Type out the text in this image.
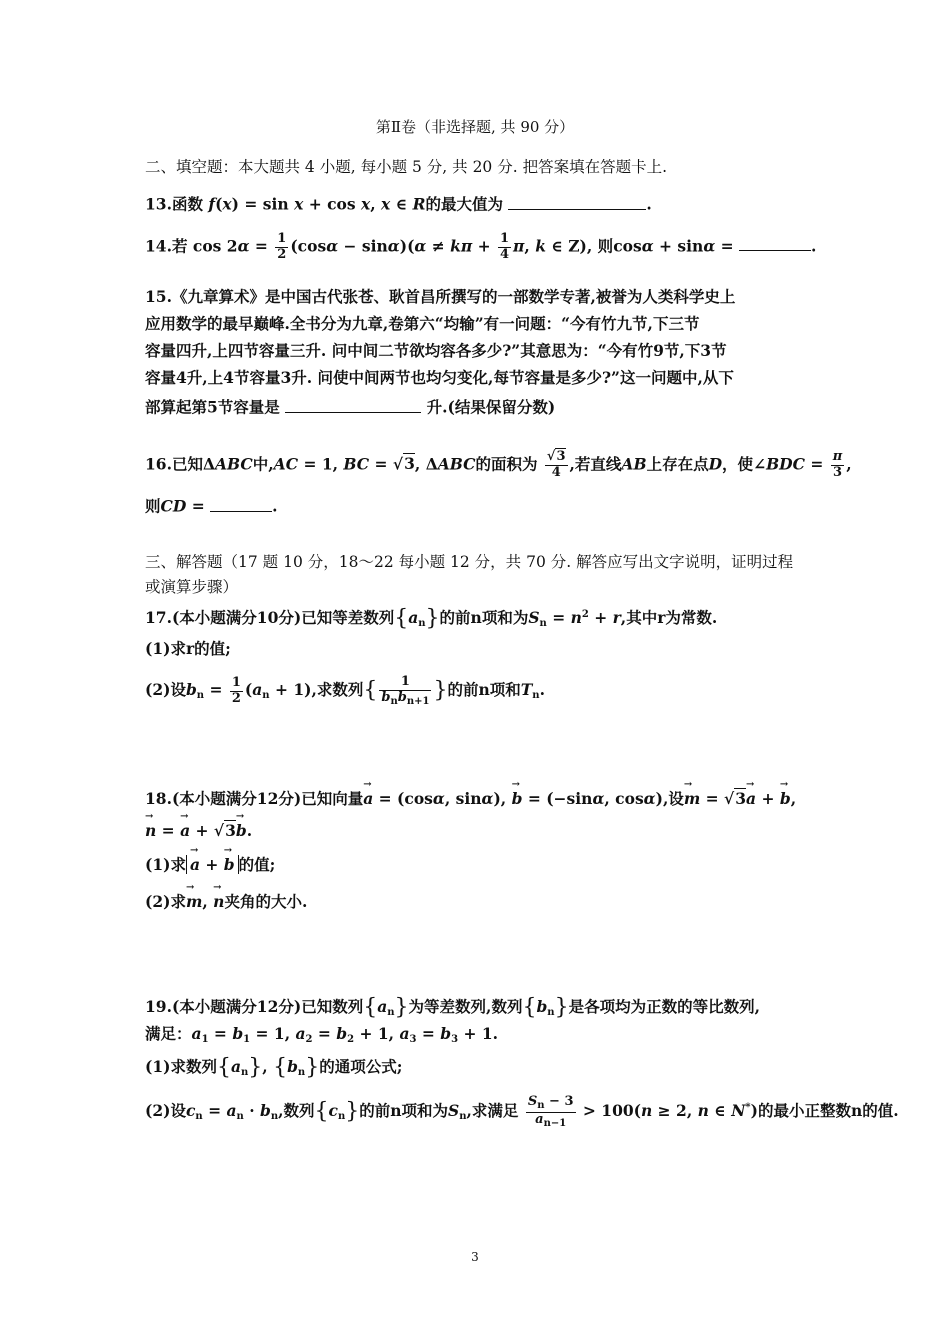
第Ⅱ卷（非选择题, 共 90 分）
二、填空题：本大题共 4 小题, 每小题 5 分, 共 20 分. 把答案填在答题卡上.
13.函数 f(x) = sin x + cos x, x ∈ R的最大值为	.
14.若 $\cos 2\alpha = \frac{1}{2} (\cos\alpha - \sin\alpha)(\alpha \ne k\pi + \frac{1}{4} \pi$, k ∈ Z), 则cosα + sinα =	.
15.《九章算术》是中国古代张苍、耿首昌所撰写的一部数学专著,被誉为人类科学史上
应用数学的最早巅峰.全书分为九章,卷第六“均输”有一问题：“今有竹九节,下三节
容量四升,上四节容量三升. 问中间二节欲均容各多少?”其意思为：“今有竹9节,下3节
容量4升,上4节容量3升. 问使中间两节也均匀变化,每节容量是多少?”这一问题中,从下
部算起第5节容量是	升.(结果保留分数)
16.已知ΔABC中,AC = 1, BC = √3, ΔABC的面积为 $\frac{√3}{4}$ ,若直线AB上存在点D，使∠BDC = $\frac{\pi}{3}$ ,
则CD =	.
三、解答题（17 题 10 分，18～22 每小题 12 分，共 70 分. 解答应写出文字说明，证明过程
或演算步骤）
17.(本小题满分10分)已知等差数列$\{a_n\}$的前n项和为$S_n = n^2 + r$,其中r为常数.
(1)求r的值;
(2)设$b_n = \frac{1}{2} (a_n + 1)$,求数列{ $\frac{1}{b_nb_{n+1}}$ }的前n项和$T_n$.
18.(本小题满分12分)已知向量→ a = (cosα, sinα), → b = (−sinα, cosα),设→ m = √3→ a + → b,
→ n = → a + √3→ b.
(1)求→ a + → b 的值;
(2)求→ m, → n夹角的大小.
19.(本小题满分12分)已知数列$\{a_n\}$为等差数列,数列$\{b_n\}$是各项均为正数的等比数列,
满足：$a_1 = b_1 = 1$, $a_2 = b_2 + 1$, $a_3 = b_3 + 1$.
(1)求数列$\{a_n\}$, $\{b_n\}$的通项公式;
(2)设$c_n = a_n \cdot b_n$,数列$\{c_n\}$的前n项和为$S_n$,求满足 $\frac{S_n - 3}{a_{n-1}} > 100(n \ge 2$, n ∈ N*)的最小正整数n的值.
3
